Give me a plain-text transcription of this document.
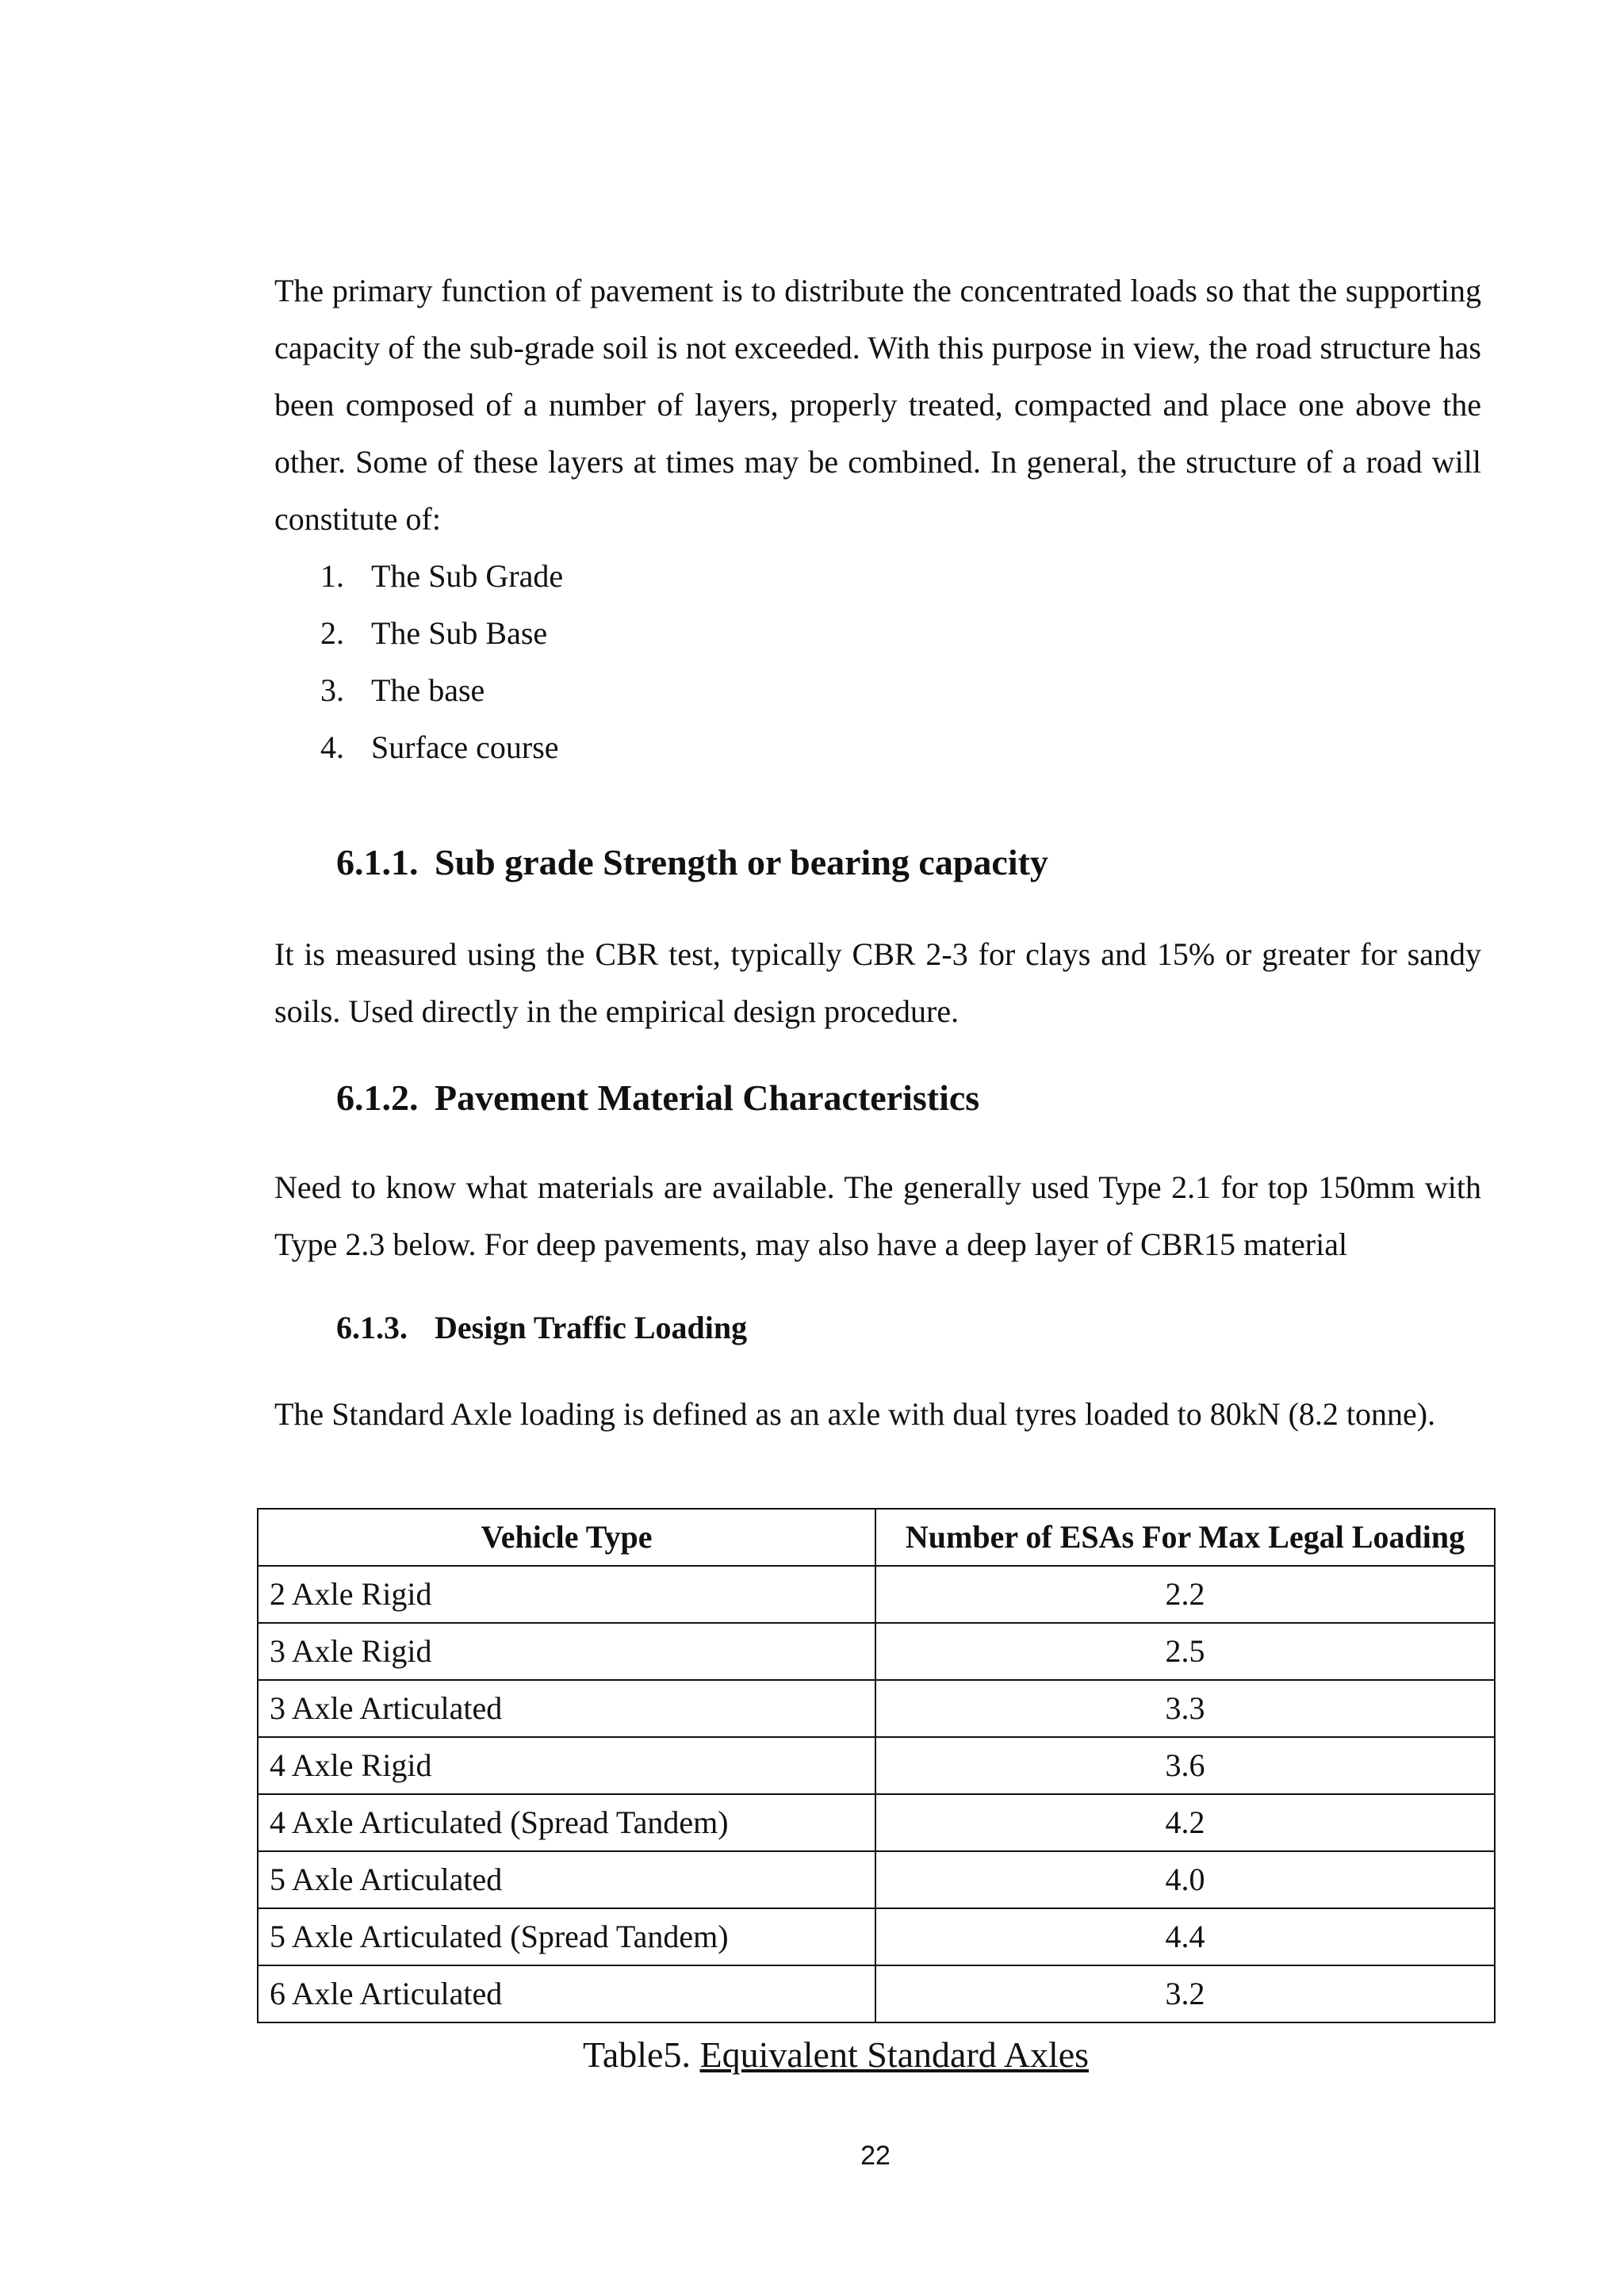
The primary function of pavement is to distribute the concentrated loads so that the supporting capacity of the sub-grade soil is not exceeded. With this purpose in view, the road structure has been composed of a number of layers, properly treated, compacted and place one above the other. Some of these layers at times may be combined. In general, the structure of a road will constitute of:

1. The Sub Grade
2. The Sub Base
3. The base
4. Surface course
6.1.1. Sub grade Strength or bearing capacity

It is measured using the CBR test, typically CBR 2-3 for clays and 15% or greater for sandy soils. Used directly in the empirical design procedure.

6.1.2. Pavement Material Characteristics

Need to know what materials are available. The generally used Type 2.1 for top 150mm with Type 2.3 below. For deep pavements, may also have a deep layer of CBR15 material

6.1.3. Design Traffic Loading

The Standard Axle loading is defined as an axle with dual tyres loaded to 80kN (8.2 tonne).

Vehicle Type	Number of ESAs For Max Legal Loading
2 Axle Rigid	2.2
3 Axle Rigid	2.5
3 Axle Articulated	3.3
4 Axle Rigid	3.6
4 Axle Articulated (Spread Tandem)	4.2
5 Axle Articulated	4.0
5 Axle Articulated (Spread Tandem)	4.4
6 Axle Articulated	3.2
Table5. Equivalent Standard Axles
22
